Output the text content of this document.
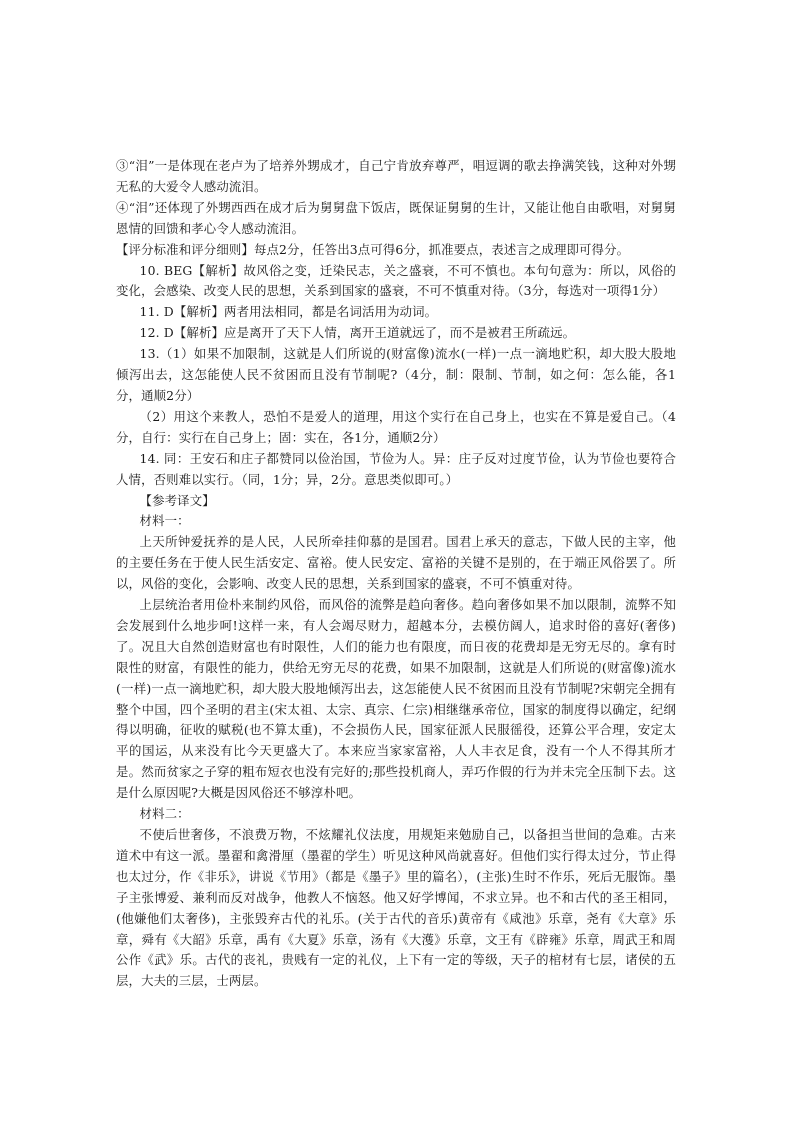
③“泪”一是体现在老卢为了培养外甥成才，自己宁肯放弃尊严，唱逗调的歌去挣满笑钱，这种对外甥无私的大爱令人感动流泪。

④“泪”还体现了外甥西西在成才后为舅舅盘下饭店，既保证舅舅的生计，又能让他自由歌唱，对舅舅恩情的回馈和孝心令人感动流泪。

【评分标准和评分细则】每点2分，任答出3点可得6分，抓准要点，表述言之成理即可得分。

10. BEG【解析】故风俗之变，迁染民志，关之盛衰，不可不慎也。本句句意为：所以，风俗的变化，会感染、改变人民的思想，关系到国家的盛衰，不可不慎重对待。（3分，每选对一项得1分）

11. D【解析】两者用法相同，都是名词活用为动词。

12. D【解析】应是离开了天下人情，离开王道就远了，而不是被君王所疏远。

13.（1）如果不加限制，这就是人们所说的(财富像)流水(一样)一点一滴地贮积，却大股大股地倾泻出去，这怎能使人民不贫困而且没有节制呢?（4分，制：限制、节制，如之何：怎么能，各1分，通顺2分）

（2）用这个来教人，恐怕不是爱人的道理，用这个实行在自己身上，也实在不算是爱自己。（4分，自行：实行在自己身上；固：实在，各1分，通顺2分）

14. 同：王安石和庄子都赞同以俭治国，节俭为人。异：庄子反对过度节俭，认为节俭也要符合人情，否则难以实行。（同，1分；异，2分。意思类似即可。）

【参考译文】

材料一：

上天所钟爱抚养的是人民，人民所牵挂仰慕的是国君。国君上承天的意志，下做人民的主宰，他的主要任务在于使人民生活安定、富裕。使人民安定、富裕的关键不是别的，在于端正风俗罢了。所以，风俗的变化，会影响、改变人民的思想，关系到国家的盛衰，不可不慎重对待。

上层统治者用俭朴来制约风俗，而风俗的流弊是趋向奢侈。趋向奢侈如果不加以限制，流弊不知会发展到什么地步呵!这样一来，有人会竭尽财力，超越本分，去模仿阔人，追求时俗的喜好(奢侈)了。况且大自然创造财富也有时限性，人们的能力也有限度，而日夜的花费却是无穷无尽的。拿有时限性的财富，有限性的能力，供给无穷无尽的花费，如果不加限制，这就是人们所说的(财富像)流水(一样)一点一滴地贮积，却大股大股地倾泻出去，这怎能使人民不贫困而且没有节制呢?宋朝完全拥有整个中国，四个圣明的君主(宋太祖、太宗、真宗、仁宗)相继继承帝位，国家的制度得以确定，纪纲得以明确，征收的赋税(也不算太重)，不会损伤人民，国家征派人民服徭役，还算公平合理，安定太平的国运，从来没有比今天更盛大了。本来应当家家富裕，人人丰衣足食，没有一个人不得其所才是。然而贫家之子穿的粗布短衣也没有完好的;那些投机商人，弄巧作假的行为并未完全压制下去。这是什么原因呢?大概是因风俗还不够淳朴吧。

材料二：

不使后世奢侈，不浪费万物，不炫耀礼仪法度，用规矩来勉励自己，以备担当世间的急难。古来道术中有这一派。墨翟和禽滑厘（墨翟的学生）听见这种风尚就喜好。但他们实行得太过分，节止得也太过分，作《非乐》，讲说《节用》（都是《墨子》里的篇名），(主张)生时不作乐，死后无服饰。墨子主张博爱、兼利而反对战争，他教人不恼怒。他又好学博闻，不求立异。也不和古代的圣王相同，(他嫌他们太奢侈)，主张毁弃古代的礼乐。(关于古代的音乐)黄帝有《咸池》乐章，尧有《大章》乐章，舜有《大韶》乐章，禹有《大夏》乐章，汤有《大濩》乐章，文王有《辟雍》乐章，周武王和周公作《武》乐。古代的丧礼，贵贱有一定的礼仪，上下有一定的等级，天子的棺材有七层，诸侯的五层，大夫的三层，士两层。
